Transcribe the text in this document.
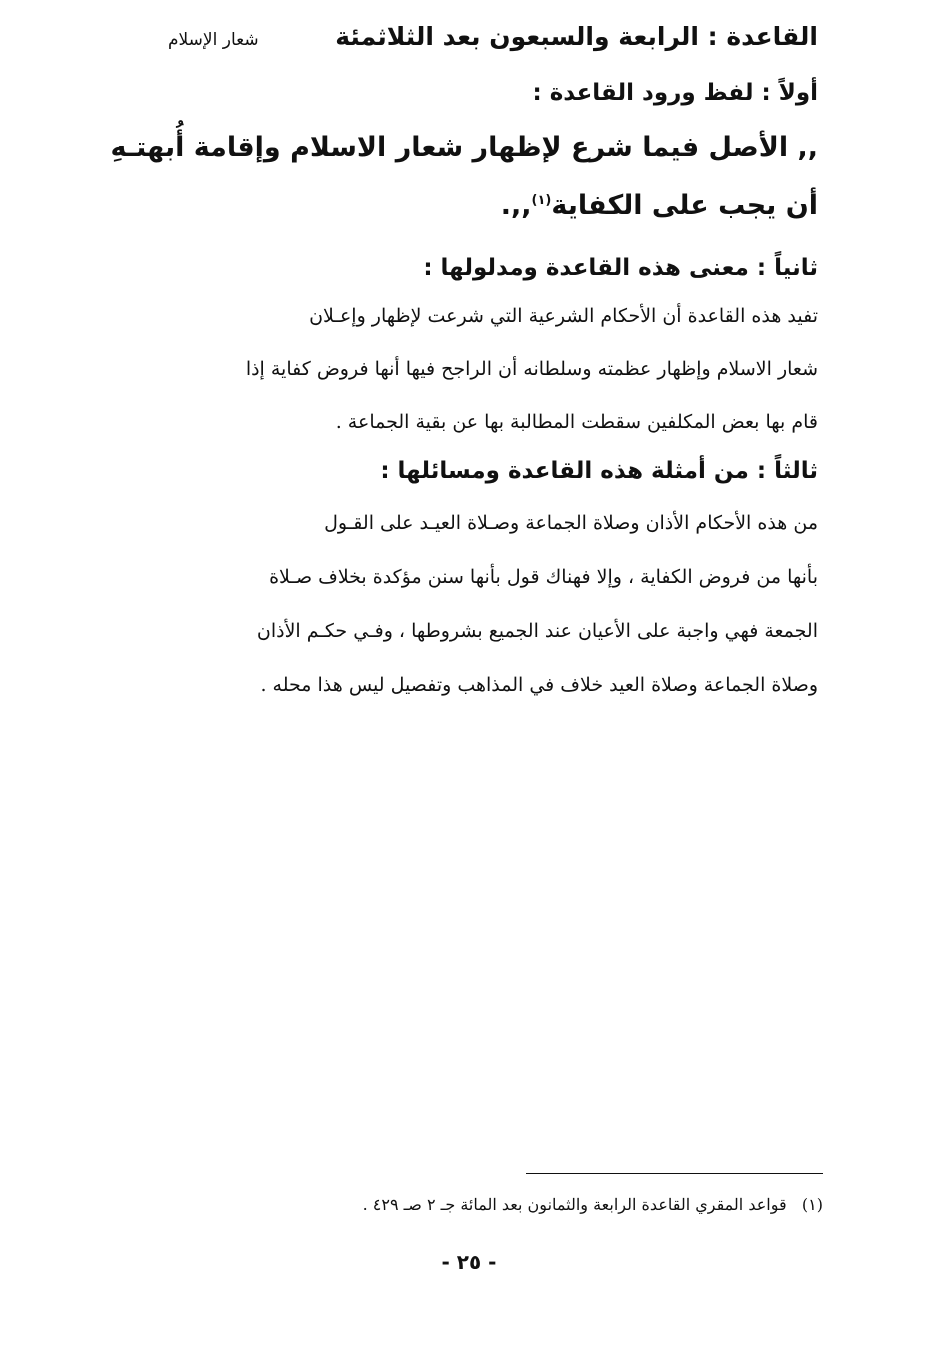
القاعدة : الرابعة والسبعون بعد الثلاثمئة
شعار الإسلام
أولاً : لفظ ورود القاعدة :
,, الأصل فيما شرع لإظهار شعار الاسلام وإقامة أُبهتـهِ
أن يجب على الكفاية$^{(١)}$,,.
ثانياً : معنى هذه القاعدة ومدلولها :
تفيد هذه القاعدة أن الأحكام الشرعية التي شرعت لإظهار وإعـلان
شعار الاسلام وإظهار عظمته وسلطانه أن الراجح فيها أنها فروض كفاية إذا
قام بها بعض المكلفين سقطت المطالبة بها عن بقية الجماعة .
ثالثاً : من أمثلة هذه القاعدة ومسائلها :
من هذه الأحكام الأذان وصلاة الجماعة وصـلاة العيـد على القـول
بأنها من فروض الكفاية ، وإلا فهناك قول بأنها سنن مؤكدة بخلاف صـلاة
الجمعة فهي واجبة على الأعيان عند الجميع بشروطها ، وفـي حكـم الأذان
وصلاة الجماعة وصلاة العيد خلاف في المذاهب وتفصيل ليس هذا محله .
(١)   قواعد المقري القاعدة الرابعة والثمانون بعد المائة جـ ٢ صـ ٤٢٩ .
- ٢٥ -
